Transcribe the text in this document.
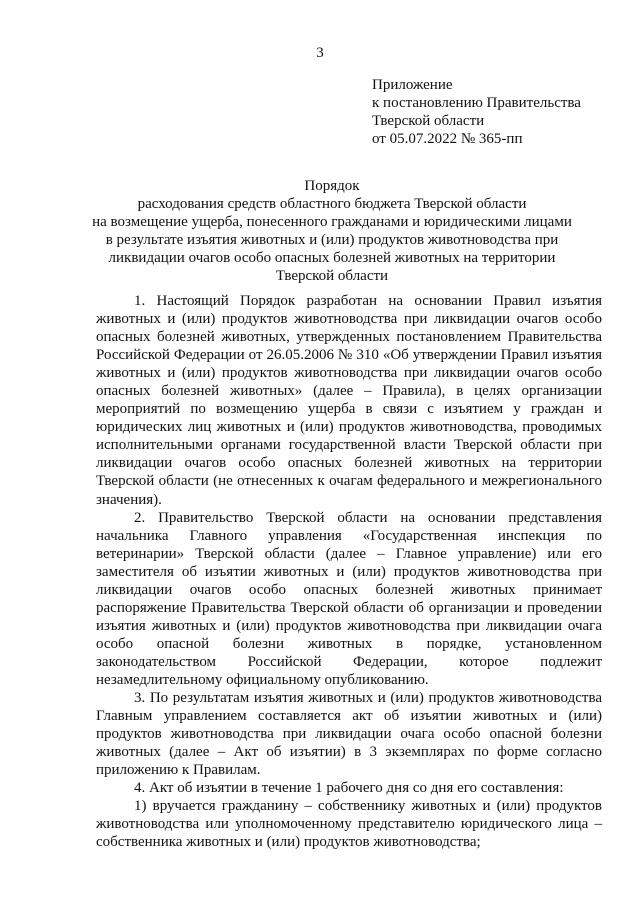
3
Приложение
к постановлению Правительства
Тверской области
от 05.07.2022 № 365-пп
Порядок
расходования средств областного бюджета Тверской области
на возмещение ущерба, понесенного гражданами и юридическими лицами
в результате изъятия животных и (или) продуктов животноводства при
ликвидации очагов особо опасных болезней животных на территории
Тверской области

1. Настоящий Порядок разработан на основании Правил изъятия животных и (или) продуктов животноводства при ликвидации очагов особо опасных болезней животных, утвержденных постановлением Правительства Российской Федерации от 26.05.2006 № 310 «Об утверждении Правил изъятия животных и (или) продуктов животноводства при ликвидации очагов особо опасных болезней животных» (далее – Правила), в целях организации мероприятий по возмещению ущерба в связи с изъятием у граждан и юридических лиц животных и (или) продуктов животноводства, проводимых исполнительными органами государственной власти Тверской области при ликвидации очагов особо опасных болезней животных на территории Тверской области (не отнесенных к очагам федерального и межрегионального значения).

2. Правительство Тверской области на основании представления начальника Главного управления «Государственная инспекция по ветеринарии» Тверской области (далее – Главное управление) или его заместителя об изъятии животных и (или) продуктов животноводства при ликвидации очагов особо опасных болезней животных принимает распоряжение Правительства Тверской области об организации и проведении изъятия животных и (или) продуктов животноводства при ликвидации очага особо опасной болезни животных в порядке, установленном законодательством Российской Федерации, которое подлежит незамедлительному официальному опубликованию.

3. По результатам изъятия животных и (или) продуктов животноводства Главным управлением составляется акт об изъятии животных и (или) продуктов животноводства при ликвидации очага особо опасной болезни животных (далее – Акт об изъятии) в 3 экземплярах по форме согласно приложению к Правилам.

4. Акт об изъятии в течение 1 рабочего дня со дня его составления:

1) вручается гражданину – собственнику животных и (или) продуктов животноводства или уполномоченному представителю юридического лица – собственника животных и (или) продуктов животноводства;
